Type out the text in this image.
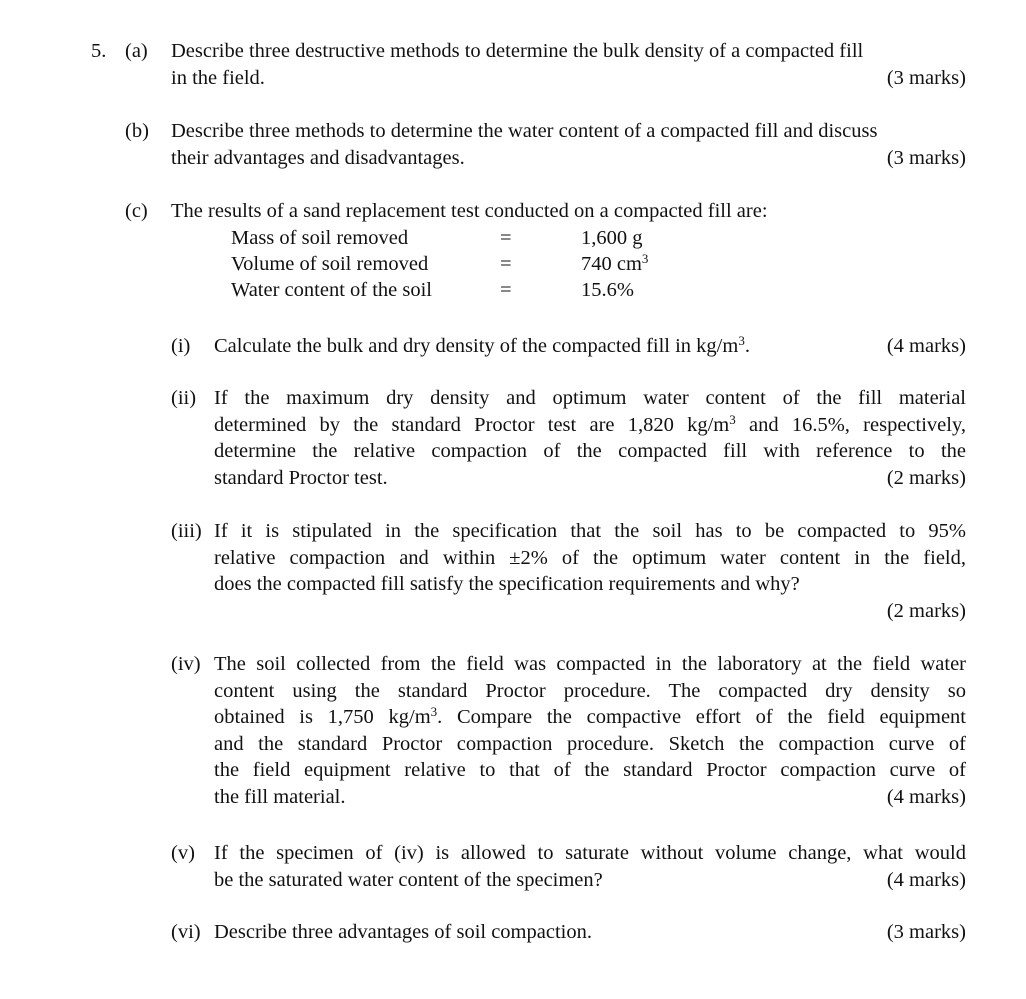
5. (a) Describe three destructive methods to determine the bulk density of a compacted fill
in the field.	(3 marks)
(b) Describe three methods to determine the water content of a compacted fill and discuss
their advantages and disadvantages.	(3 marks)
(c) The results of a sand replacement test conducted on a compacted fill are:
Mass of soil removed	=	1,600 g
Volume of soil removed	=	740 $cm^3$
Water content of the soil	=	15.6%
(i) Calculate the bulk and dry density of the compacted fill in $kg/m^3$.	(4 marks)
(ii) If the maximum dry density and optimum water content of the fill material
determined by the standard Proctor test are 1,820 $kg/m^3$ and 16.5%, respectively,
determine the relative compaction of the compacted fill with reference to the
standard Proctor test.	(2 marks)
(iii) If it is stipulated in the specification that the soil has to be compacted to 95%
relative compaction and within ±2% of the optimum water content in the field,
does the compacted fill satisfy the specification requirements and why?
(2 marks)
(iv) The soil collected from the field was compacted in the laboratory at the field water
content using the standard Proctor procedure. The compacted dry density so
obtained is 1,750 $kg/m^3$. Compare the compactive effort of the field equipment
and the standard Proctor compaction procedure. Sketch the compaction curve of
the field equipment relative to that of the standard Proctor compaction curve of
the fill material.	(4 marks)
(v) If the specimen of (iv) is allowed to saturate without volume change, what would
be the saturated water content of the specimen?	(4 marks)
(vi) Describe three advantages of soil compaction.	(3 marks)
